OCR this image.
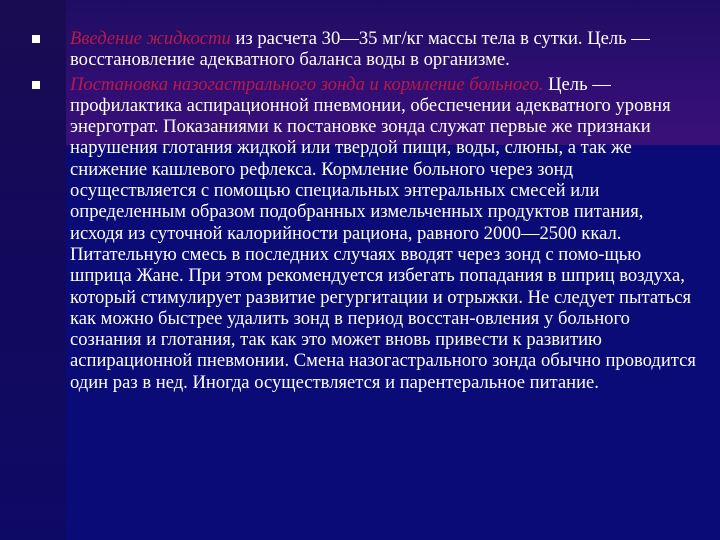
Введение жидкости из расчета 30—35 мг/кг массы тела в сутки. Цель — восстановление адекватного баланса воды в организме.

Постановка назогастрального зонда и кормление больного. Цель — профилактика аспирационной пневмонии, обеспечении адекватного уровня энерготрат. Показаниями к постановке зонда служат первые же признаки нарушения глотания жидкой или твердой пищи, воды, слюны, а так же снижение кашлевого рефлекса. Кормление больного через зонд осуществляется с помощью специальных энтеральных смесей или определенным образом подобранных измельченных продуктов питания, исходя из суточной калорийности рациона, равного 2000—2500 ккал. Питательную смесь в последних случаях вводят через зонд с помо-щью шприца Жане. При этом рекомендуется избегать попадания в шприц воздуха, который стимулирует развитие регургитации и отрыжки. Не следует пытаться как можно быстрее удалить зонд в период восстан-овления у больного сознания и глотания, так как это может вновь привести к развитию аспирационной пневмонии. Смена назогастрального зонда обычно проводится один раз в нед. Иногда осуществляется и парентеральное питание.
